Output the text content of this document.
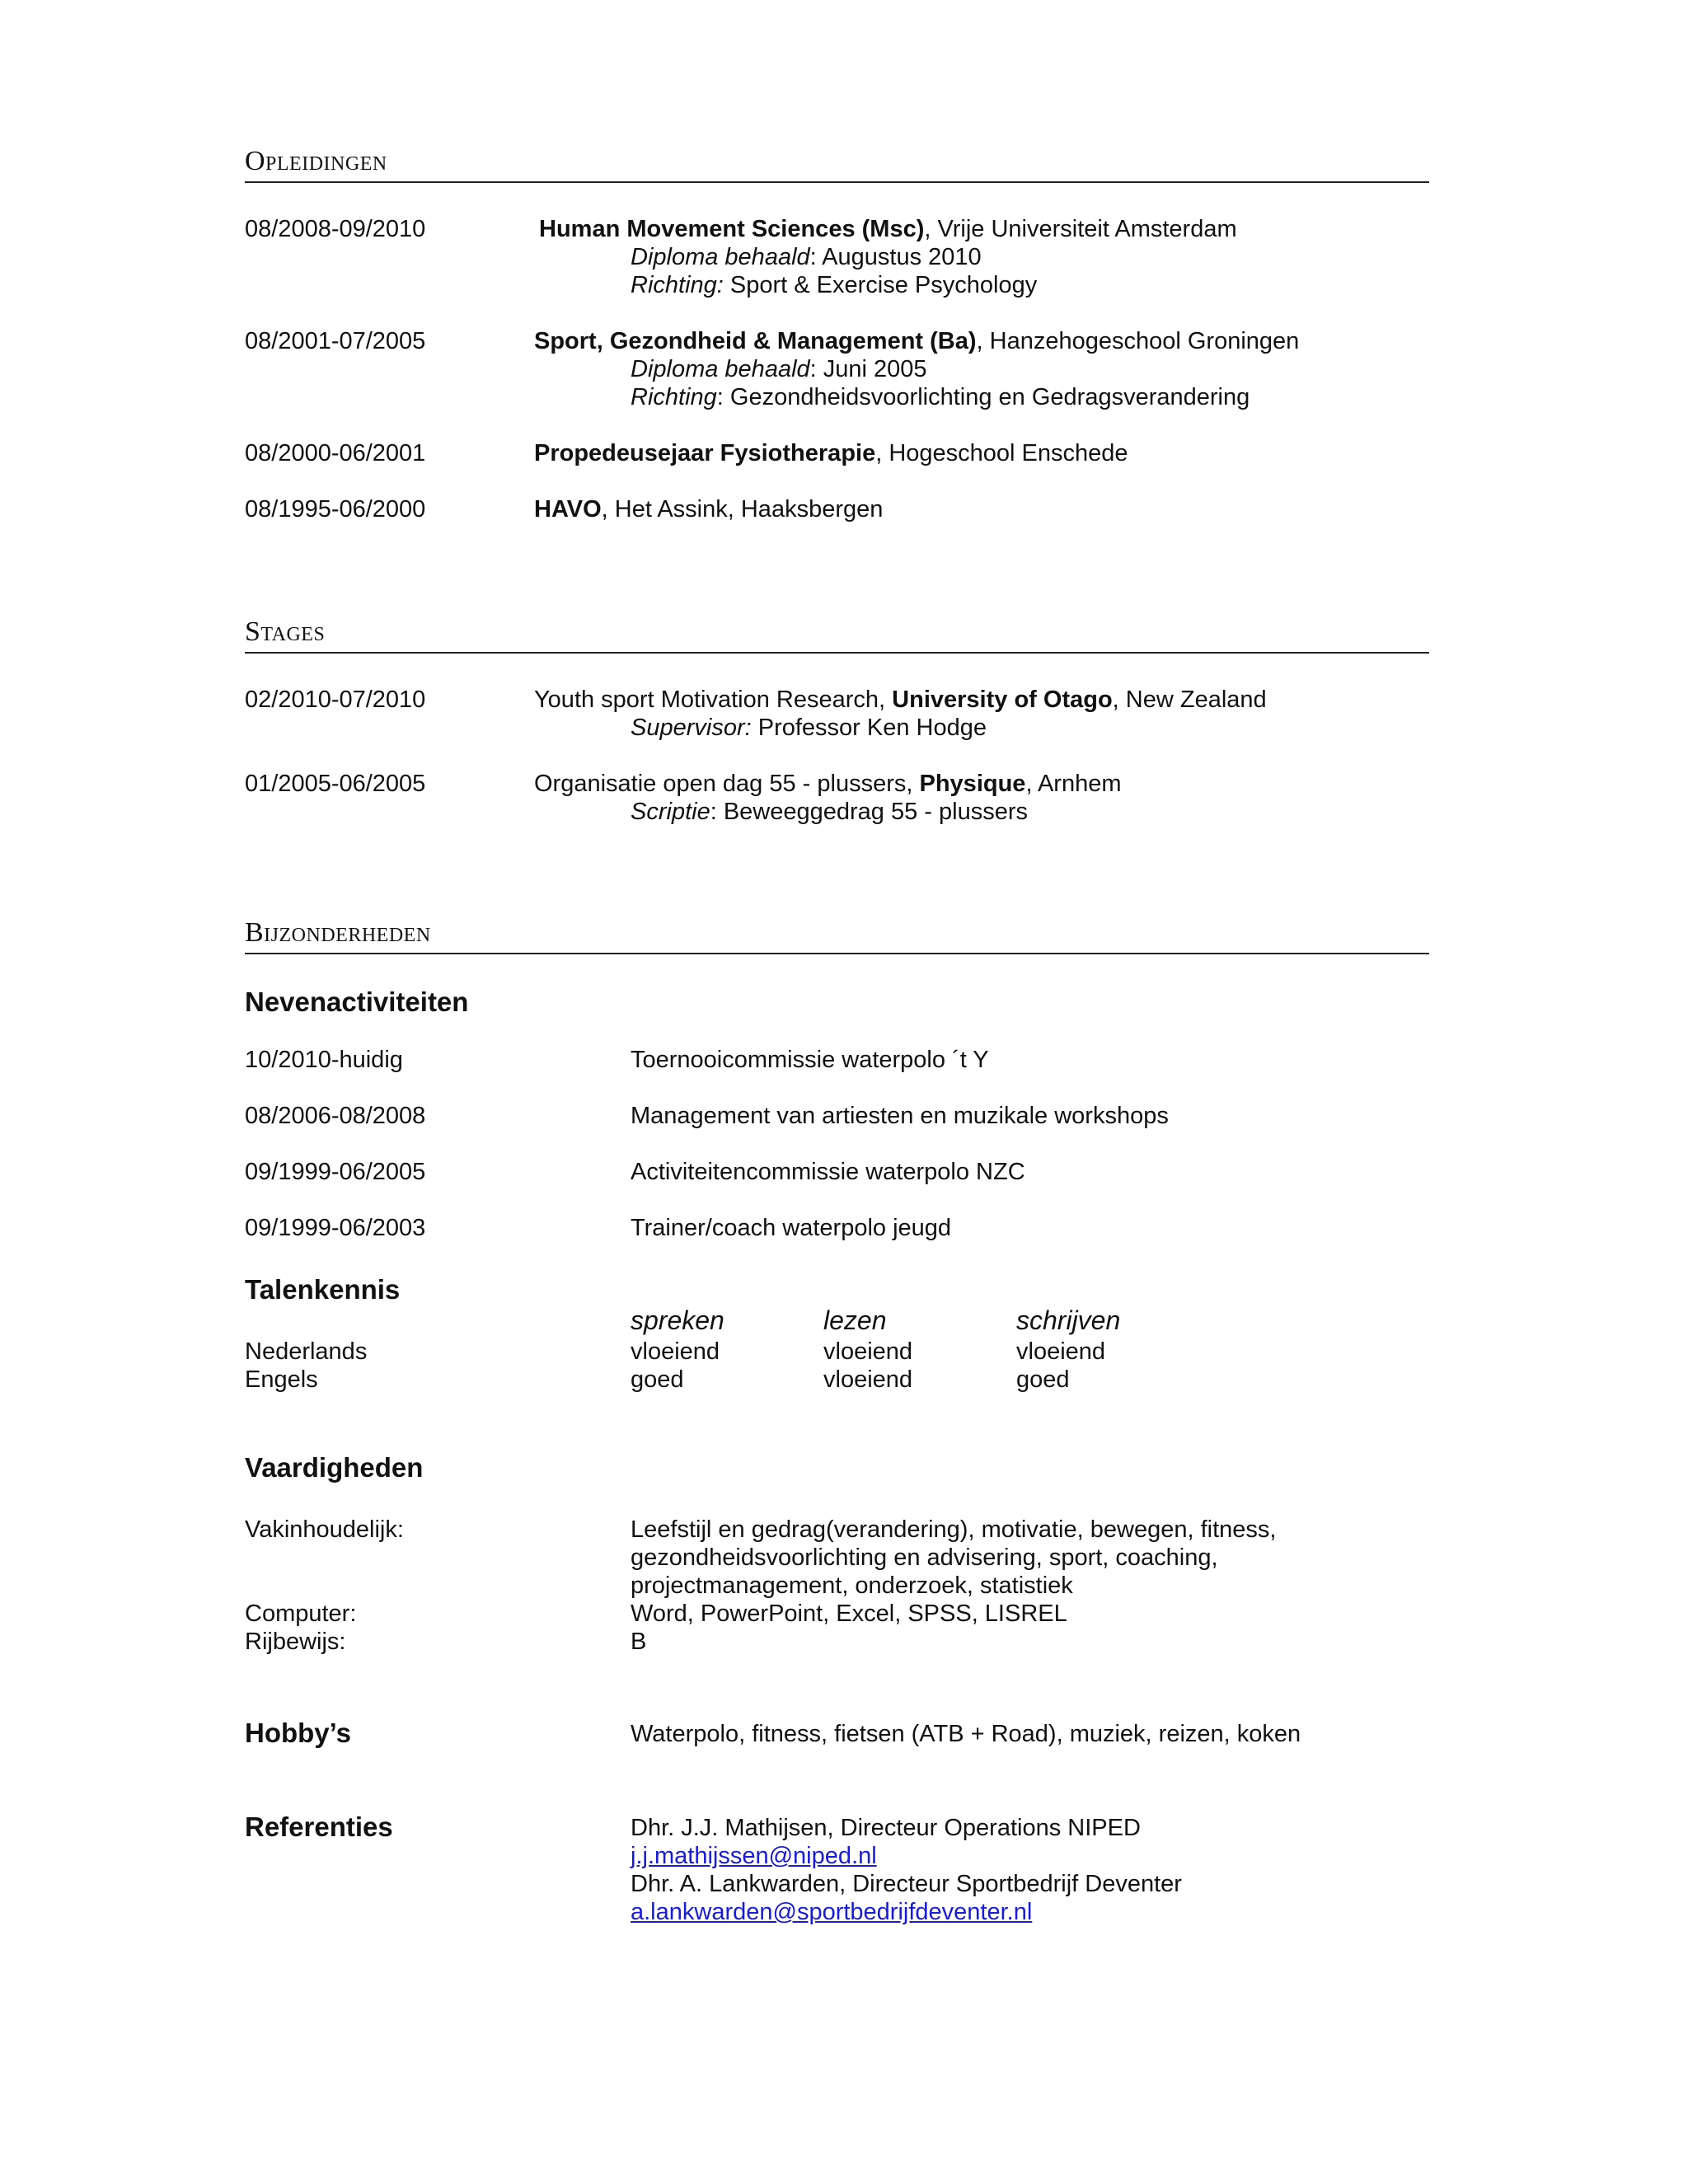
Opleidingen
08/2008-09/2010	Human Movement Sciences (Msc), Vrije Universiteit Amsterdam
Diploma behaald: Augustus 2010
Richting: Sport & Exercise Psychology
08/2001-07/2005	Sport, Gezondheid & Management (Ba), Hanzehogeschool Groningen
Diploma behaald: Juni 2005
Richting: Gezondheidsvoorlichting en Gedragsverandering
08/2000-06/2001	Propedeusejaar Fysiotherapie, Hogeschool Enschede
08/1995-06/2000	HAVO, Het Assink, Haaksbergen
Stages
02/2010-07/2010	Youth sport Motivation Research, University of Otago, New Zealand
Supervisor: Professor Ken Hodge
01/2005-06/2005	Organisatie open dag 55 - plussers, Physique, Arnhem
Scriptie: Beweeggedrag 55 - plussers
Bijzonderheden
Nevenactiviteiten
10/2010-huidig	Toernooicommissie waterpolo ´t Y
08/2006-08/2008	Management van artiesten en muzikale workshops
09/1999-06/2005	Activiteitencommissie waterpolo NZC
09/1999-06/2003	Trainer/coach waterpolo jeugd
Talenkennis
spreken	lezen	schrijven
Nederlands	vloeiend	vloeiend	vloeiend
Engels	goed	vloeiend	goed
Vaardigheden
Vakinhoudelijk:	Leefstijl en gedrag(verandering), motivatie, bewegen, fitness,
gezondheidsvoorlichting en advisering, sport, coaching,
projectmanagement, onderzoek, statistiek
Computer:	Word, PowerPoint, Excel, SPSS, LISREL
Rijbewijs:	B
Hobby’s	Waterpolo, fitness, fietsen (ATB + Road), muziek, reizen, koken
Referenties	Dhr. J.J. Mathijsen, Directeur Operations NIPED
j.j.mathijssen@niped.nl
Dhr. A. Lankwarden, Directeur Sportbedrijf Deventer
a.lankwarden@sportbedrijfdeventer.nl
